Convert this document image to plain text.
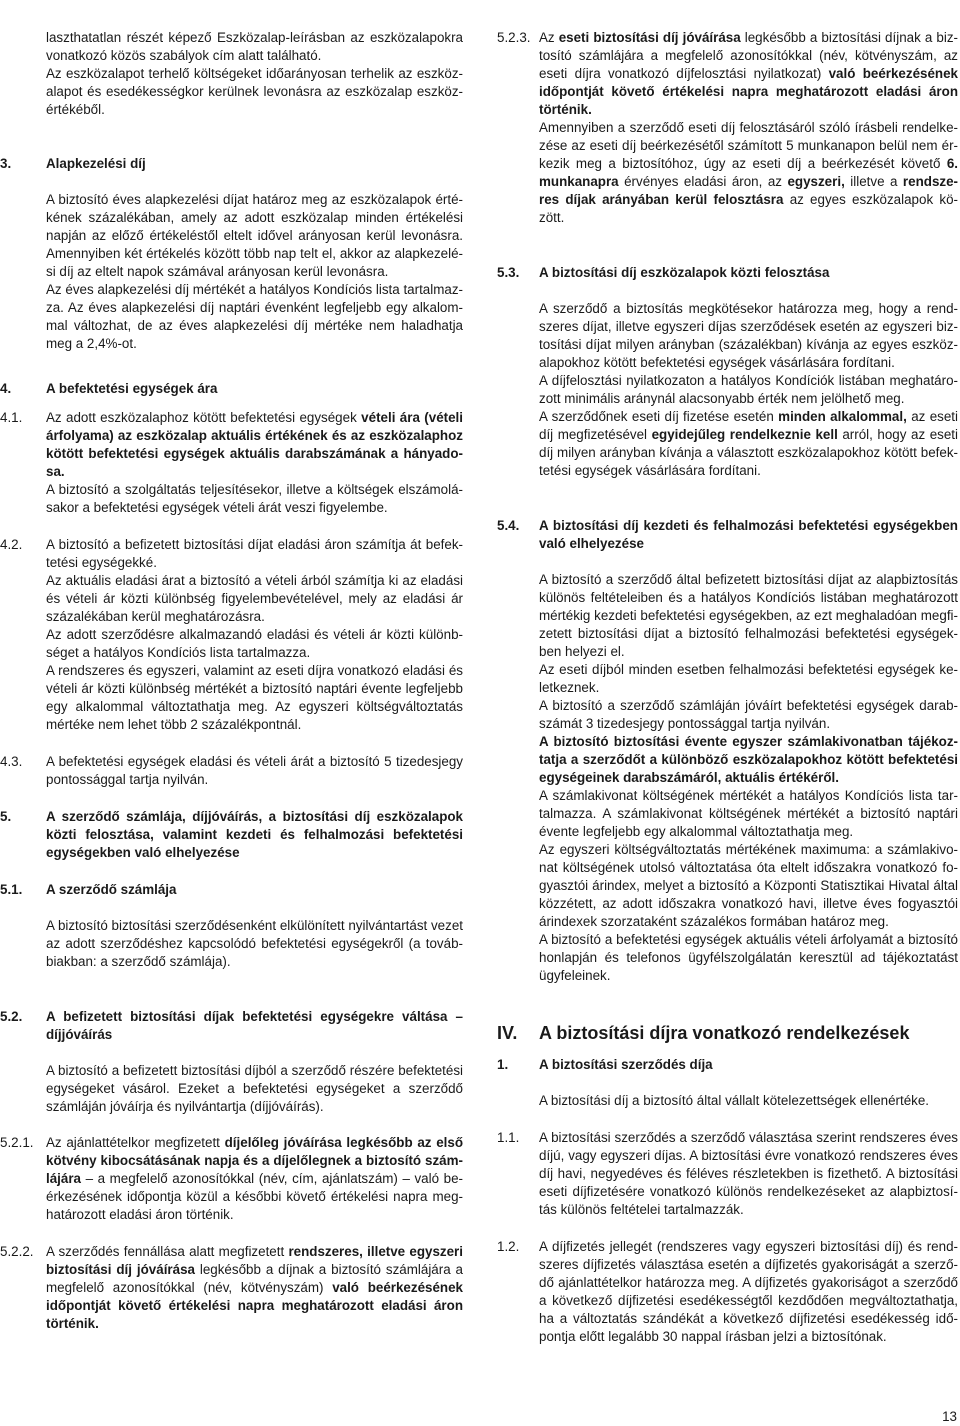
laszthatatlan részét képező Eszközalap-leírásban az eszközalapokra vonatkozó közös szabályok cím alatt található.

Az eszközalapot terhelő költségeket időarányosan terhelik az eszközalapot és esedékességkor kerülnek levonásra az eszközalap eszközértékéből.

3.	Alapkezelési díj

A biztosító éves alapkezelési díjat határoz meg az eszközalapok értékének százalékában, amely az adott eszközalap minden értékelési napján az előző értékeléstől eltelt idővel arányosan kerül levonásra. Amennyiben két értékelés között több nap telt el, akkor az alapkezelési díj az eltelt napok számával arányosan kerül levonásra.

Az éves alapkezelési díj mértékét a hatályos Kondíciós lista tartalmazza. Az éves alapkezelési díj naptári évenként legfeljebb egy alkalommal változhat, de az éves alapkezelési díj mértéke nem haladhatja meg a 2,4%-ot.

4.	A befektetési egységek ára
4.1.	Az adott eszközalaphoz kötött befektetési egységek vételi ára (vételi árfolyama) az eszközalap aktuális értékének és az eszközalaphoz kötött befektetési egységek aktuális darabszámának a hányadosa.

A biztosító a szolgáltatás teljesítésekor, illetve a költségek elszámolásakor a befektetési egységek vételi árát veszi figyelembe.

4.2.	A biztosító a befizetett biztosítási díjat eladási áron számítja át befektetési egységekké.

Az aktuális eladási árat a biztosító a vételi árból számítja ki az eladási és vételi ár közti különbség figyelembevételével, mely az eladási ár százalékában kerül meghatározásra.

Az adott szerződésre alkalmazandó eladási és vételi ár közti különbséget a hatályos Kondíciós lista tartalmazza.

A rendszeres és egyszeri, valamint az eseti díjra vonatkozó eladási és vételi ár közti különbség mértékét a biztosító naptári évente legfeljebb egy alkalommal változtathatja meg. Az egyszeri költségváltoztatás mértéke nem lehet több 2 százalékpontnál.

4.3.	A befektetési egységek eladási és vételi árát a biztosító 5 tizedesjegy pontossággal tartja nyilván.
5.	A szerződő számlája, díjjóváírás, a biztosítási díj eszközalapok közti felosztása, valamint kezdeti és felhalmozási befektetési egységekben való elhelyezése
5.1.	A szerződő számlája
A biztosító biztosítási szerződésenként elkülönített nyilvántartást vezet az adott szerződéshez kapcsolódó befektetési egységekről (a továbbiakban: a szerződő számlája).
5.2.	A befizetett biztosítási díjak befektetési egységekre váltása – díjjóváírás
A biztosító a befizetett biztosítási díjból a szerződő részére befektetési egységeket vásárol. Ezeket a befektetési egységeket a szerződő számláján jóváírja és nyilvántartja (díjjóváírás).
5.2.1. Az ajánlattételkor megfizetett díjelőleg jóváírása legkésőbb az első kötvény kibocsátásának napja és a díjelőlegnek a biztosító számlájára – a megfelelő azonosítókkal (név, cím, ajánlatszám) – való beérkezésének időpontja közül a későbbi követő értékelési napra meghatározott eladási áron történik.
5.2.2. A szerződés fennállása alatt megfizetett rendszeres, illetve egyszeri biztosítási díj jóváírása legkésőbb a díjnak a biztosító számlájára a megfelelő azonosítókkal (név, kötvényszám) való beérkezésének időpontját követő értékelési napra meghatározott eladási áron történik.
5.2.3. Az eseti biztosítási díj jóváírása legkésőbb a biztosítási díjnak a biztosító számlájára a megfelelő azonosítókkal (név, kötvényszám, az eseti díjra vonatkozó díjfelosztási nyilatkozat) való beérkezésének időpontját követő értékelési napra meghatározott eladási áron történik.

Amennyiben a szerződő eseti díj felosztásáról szóló írásbeli rendelkezése az eseti díj beérkezésétől számított 5 munkanapon belül nem érkezik meg a biztosítóhoz, úgy az eseti díj a beérkezését követő 6. munkanapra érvényes eladási áron, az egyszeri, illetve a rendszeres díjak arányában kerül felosztásra az egyes eszközalapok között.

5.3.	A biztosítási díj eszközalapok közti felosztása

A szerződő a biztosítás megkötésekor határozza meg, hogy a rendszeres díjat, illetve egyszeri díjas szerződések esetén az egyszeri biztosítási díjat milyen arányban (százalékban) kívánja az egyes eszközalapokhoz kötött befektetési egységek vásárlására fordítani.

A díjfelosztási nyilatkozaton a hatályos Kondíciók listában meghatározott minimális aránynál alacsonyabb érték nem jelölhető meg.

A szerződőnek eseti díj fizetése esetén minden alkalommal, az eseti díj megfizetésével egyidejűleg rendelkeznie kell arról, hogy az eseti díj milyen arányban kívánja a választott eszközalapokhoz kötött befektetési egységek vásárlására fordítani.

5.4.	A biztosítási díj kezdeti és felhalmozási befektetési egységekben való elhelyezése

A biztosító a szerződő által befizetett biztosítási díjat az alapbiztosítás különös feltételeiben és a hatályos Kondíciós listában meghatározott mértékig kezdeti befektetési egységekben, az ezt meghaladóan megfizetett biztosítási díjat a biztosító felhalmozási befektetési egységekben helyezi el.

Az eseti díjból minden esetben felhalmozási befektetési egységek keletkeznek.

A biztosító a szerződő számláján jóváírt befektetési egységek darabszámát 3 tizedesjegy pontossággal tartja nyilván.

A biztosító biztosítási évente egyszer számlakivonatban tájékoztatja a szerződőt a különböző eszközalapokhoz kötött befektetési egységeinek darabszámáról, aktuális értékéről.

A számlakivonat költségének mértékét a hatályos Kondíciós lista tartalmazza. A számlakivonat költségének mértékét a biztosító naptári évente legfeljebb egy alkalommal változtathatja meg.

Az egyszeri költségváltoztatás mértékének maximuma: a számlakivonat költségének utolsó változtatása óta eltelt időszakra vonatkozó fogyasztói árindex, melyet a biztosító a Központi Statisztikai Hivatal által közzétett, az adott időszakra vonatkozó havi, illetve éves fogyasztói árindexek szorzataként százalékos formában határoz meg.

A biztosító a befektetési egységek aktuális vételi árfolyamát a biztosító honlapján és telefonos ügyfélszolgálatán keresztül ad tájékoztatást ügyfeleinek.

IV.	A biztosítási díjra vonatkozó rendelkezések
1.	A biztosítási szerződés díja
A biztosítási díj a biztosító által vállalt kötelezettségek ellenértéke.
1.1.	A biztosítási szerződés a szerződő választása szerint rendszeres éves díjú, vagy egyszeri díjas. A biztosítási évre vonatkozó rendszeres éves díj havi, negyedéves és féléves részletekben is fizethető. A biztosítási eseti díjfizetésére vonatkozó különös rendelkezéseket az alapbiztosítás különös feltételei tartalmazzák.
1.2.	A díjfizetés jellegét (rendszeres vagy egyszeri biztosítási díj) és rendszeres díjfizetés választása esetén a díjfizetés gyakoriságát a szerződő ajánlattételkor határozza meg. A díjfizetés gyakoriságot a szerződő a következő díjfizetési esedékességtől kezdődően megváltoztathatja, ha a változtatás szándékát a következő díjfizetési esedékesség időpontja előtt legalább 30 nappal írásban jelzi a biztosítónak.
13
